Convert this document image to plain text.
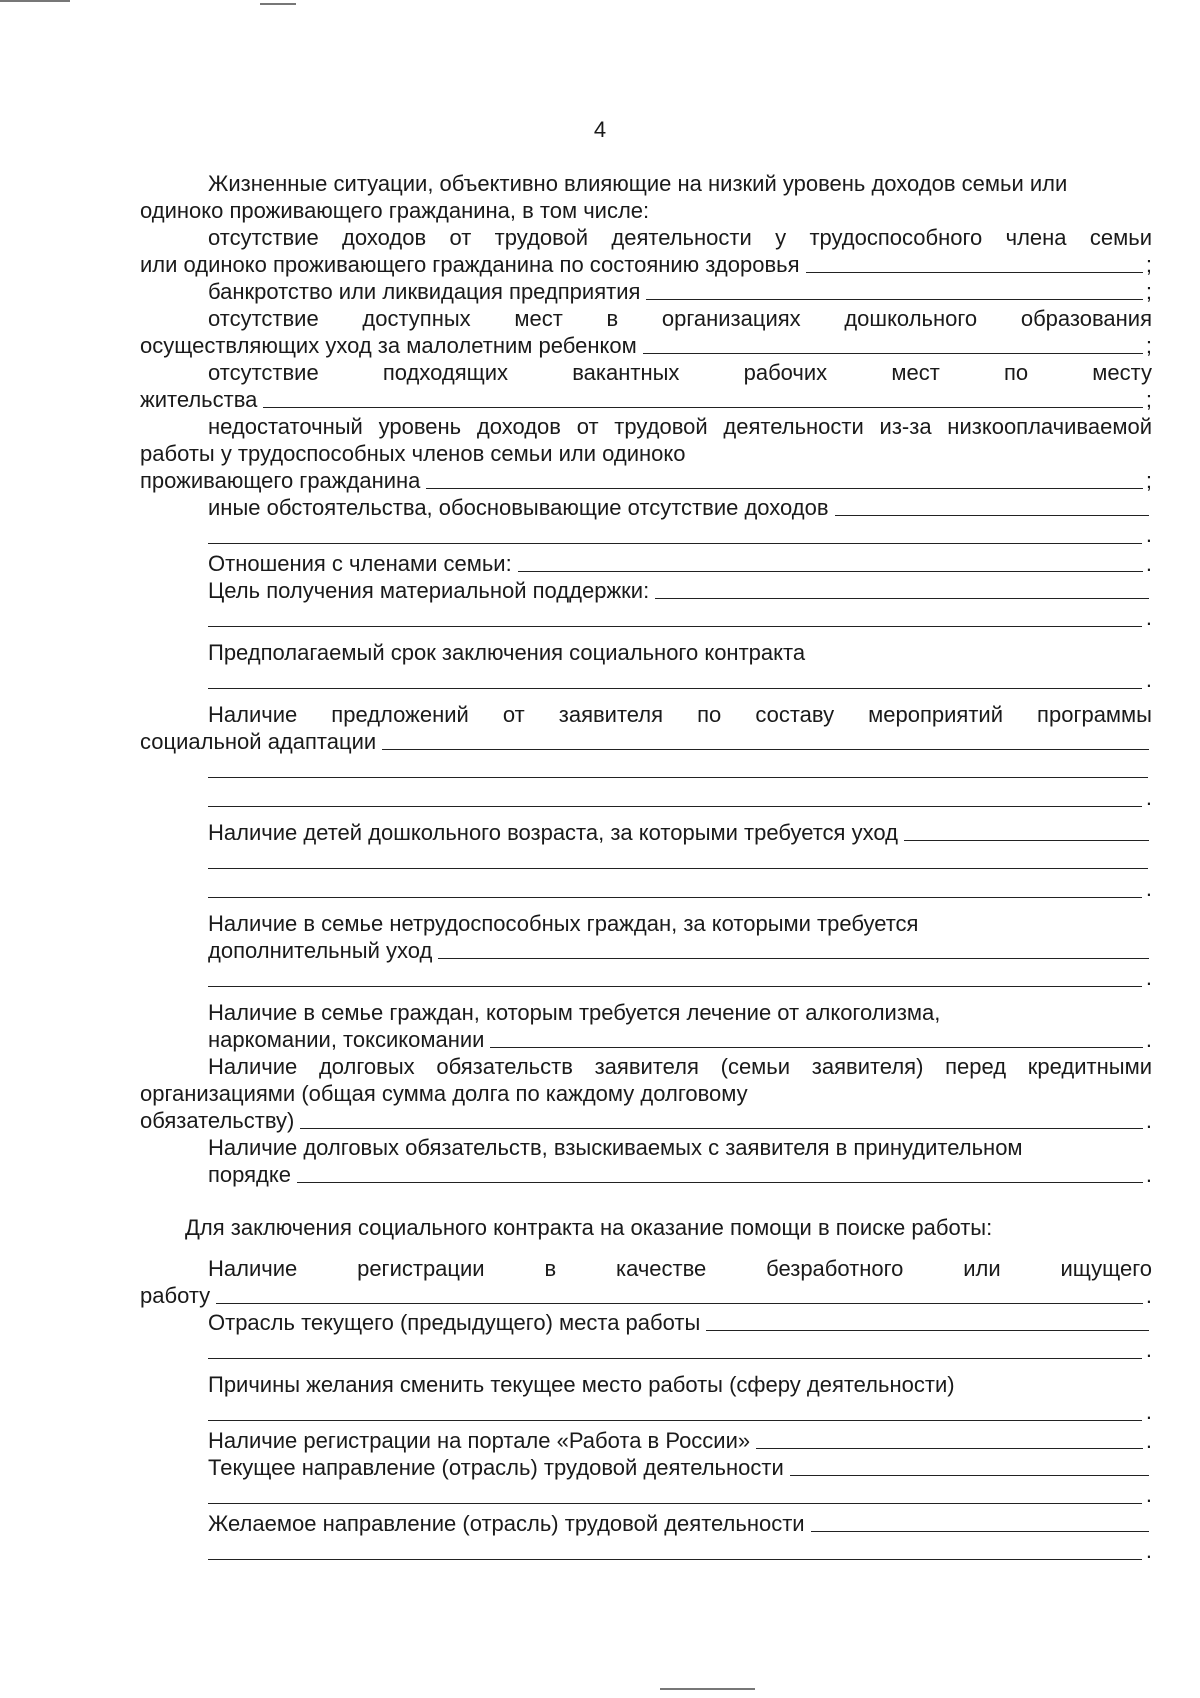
4

Жизненные ситуации, объективно влияющие на низкий уровень доходов семьи или одиноко проживающего гражданина, в том числе:

отсутствие доходов от трудовой деятельности у трудоспособного члена семьи

или одиноко проживающего гражданина по состоянию здоровья	;
банкротство или ликвидация предприятия	;

отсутствие доступных мест в организациях дошкольного образования

осуществляющих уход за малолетним ребенком	;

отсутствие подходящих вакантных рабочих мест по месту

жительства	;

недостаточный уровень доходов от трудовой деятельности из-за низкооплачиваемой работы у трудоспособных членов семьи или одиноко

проживающего гражданина	;
иные обстоятельства, обосновывающие отсутствие доходов
.
Отношения с членами семьи:	.
Цель получения материальной поддержки:
.
Предполагаемый срок заключения социального контракта
.

Наличие предложений от заявителя по составу мероприятий программы

социальной адаптации
.
Наличие детей дошкольного возраста, за которыми требуется уход
.

Наличие в семье нетрудоспособных граждан, за которыми требуется

дополнительный уход
.

Наличие в семье граждан, которым требуется лечение от алкоголизма,

наркомании, токсикомании	.

Наличие долговых обязательств заявителя (семьи заявителя) перед кредитными организациями (общая сумма долга по каждому долговому

обязательству)	.

Наличие долговых обязательств, взыскиваемых с заявителя в принудительном

порядке	.

Для заключения социального контракта на оказание помощи в поиске работы:

Наличие регистрации в качестве безработного или ищущего

работу	.
Отрасль текущего (предыдущего) места работы
.
Причины желания сменить текущее место работы (сферу деятельности)
.
Наличие регистрации на портале «Работа в России»	.
Текущее направление (отрасль) трудовой деятельности
.
Желаемое направление (отрасль) трудовой деятельности
.
